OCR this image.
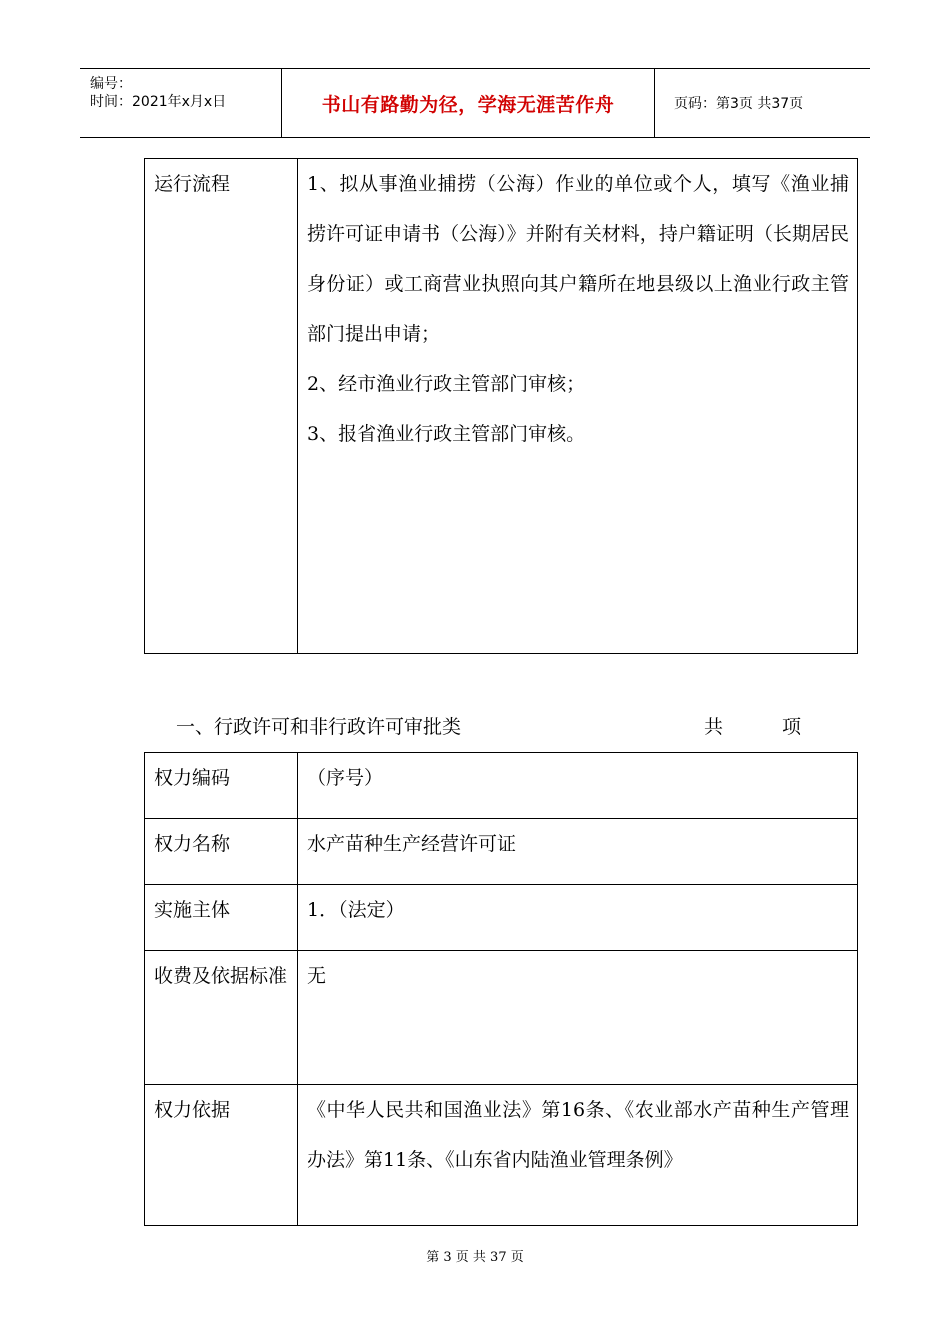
编号：
时间：2021年x月x日	书山有路勤为径，学海无涯苦作舟	页码：第3页 共37页
运行流程	1、拟从事渔业捕捞（公海）作业的单位或个人，填写《渔业捕捞许可证申请书（公海）》并附有关材料，持户籍证明（长期居民身份证）或工商营业执照向其户籍所在地县级以上渔业行政主管部门提出申请；
2、经市渔业行政主管部门审核；
3、报省渔业行政主管部门审核。
一、行政许可和非行政许可审批类	共	项
权力编码	（序号）
权力名称	水产苗种生产经营许可证
实施主体	1．（法定）
收费及依据标准	无
权力依据	《中华人民共和国渔业法》第16条、《农业部水产苗种生产管理办法》第11条、《山东省内陆渔业管理条例》
第 3 页 共 37 页
